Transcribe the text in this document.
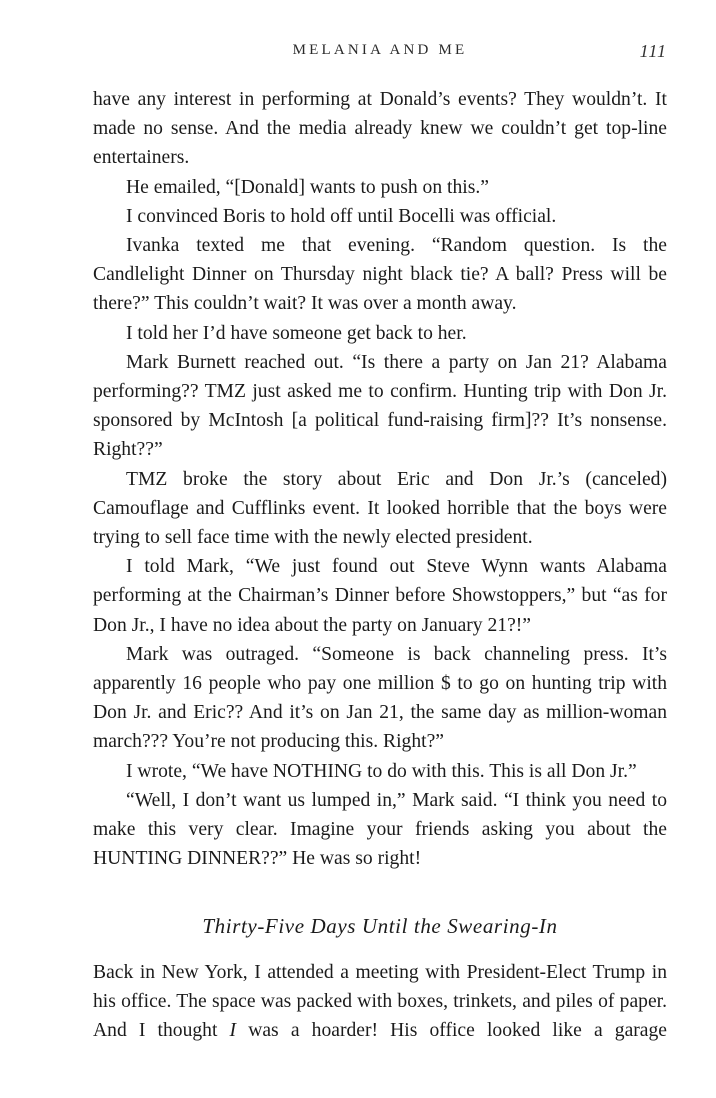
MELANIA AND ME	111

have any interest in performing at Donald’s events? They wouldn’t. It made no sense. And the media already knew we couldn’t get top-line entertainers.

He emailed, “[Donald] wants to push on this.”

I convinced Boris to hold off until Bocelli was official.

Ivanka texted me that evening. “Random question. Is the Candlelight Dinner on Thursday night black tie? A ball? Press will be there?” This couldn’t wait? It was over a month away.

I told her I’d have someone get back to her.

Mark Burnett reached out. “Is there a party on Jan 21? Alabama performing?? TMZ just asked me to confirm. Hunting trip with Don Jr. sponsored by McIntosh [a political fund-raising firm]?? It’s nonsense. Right??”

TMZ broke the story about Eric and Don Jr.’s (canceled) Camouflage and Cufflinks event. It looked horrible that the boys were trying to sell face time with the newly elected president.

I told Mark, “We just found out Steve Wynn wants Alabama performing at the Chairman’s Dinner before Showstoppers,” but “as for Don Jr., I have no idea about the party on January 21?!”

Mark was outraged. “Someone is back channeling press. It’s apparently 16 people who pay one million $ to go on hunting trip with Don Jr. and Eric?? And it’s on Jan 21, the same day as million-woman march??? You’re not producing this. Right?”

I wrote, “We have NOTHING to do with this. This is all Don Jr.”

“Well, I don’t want us lumped in,” Mark said. “I think you need to make this very clear. Imagine your friends asking you about the HUNTING DINNER??” He was so right!

Thirty-Five Days Until the Swearing-In

Back in New York, I attended a meeting with President-Elect Trump in his office. The space was packed with boxes, trinkets, and piles of paper. And I thought I was a hoarder! His office looked like a garage
